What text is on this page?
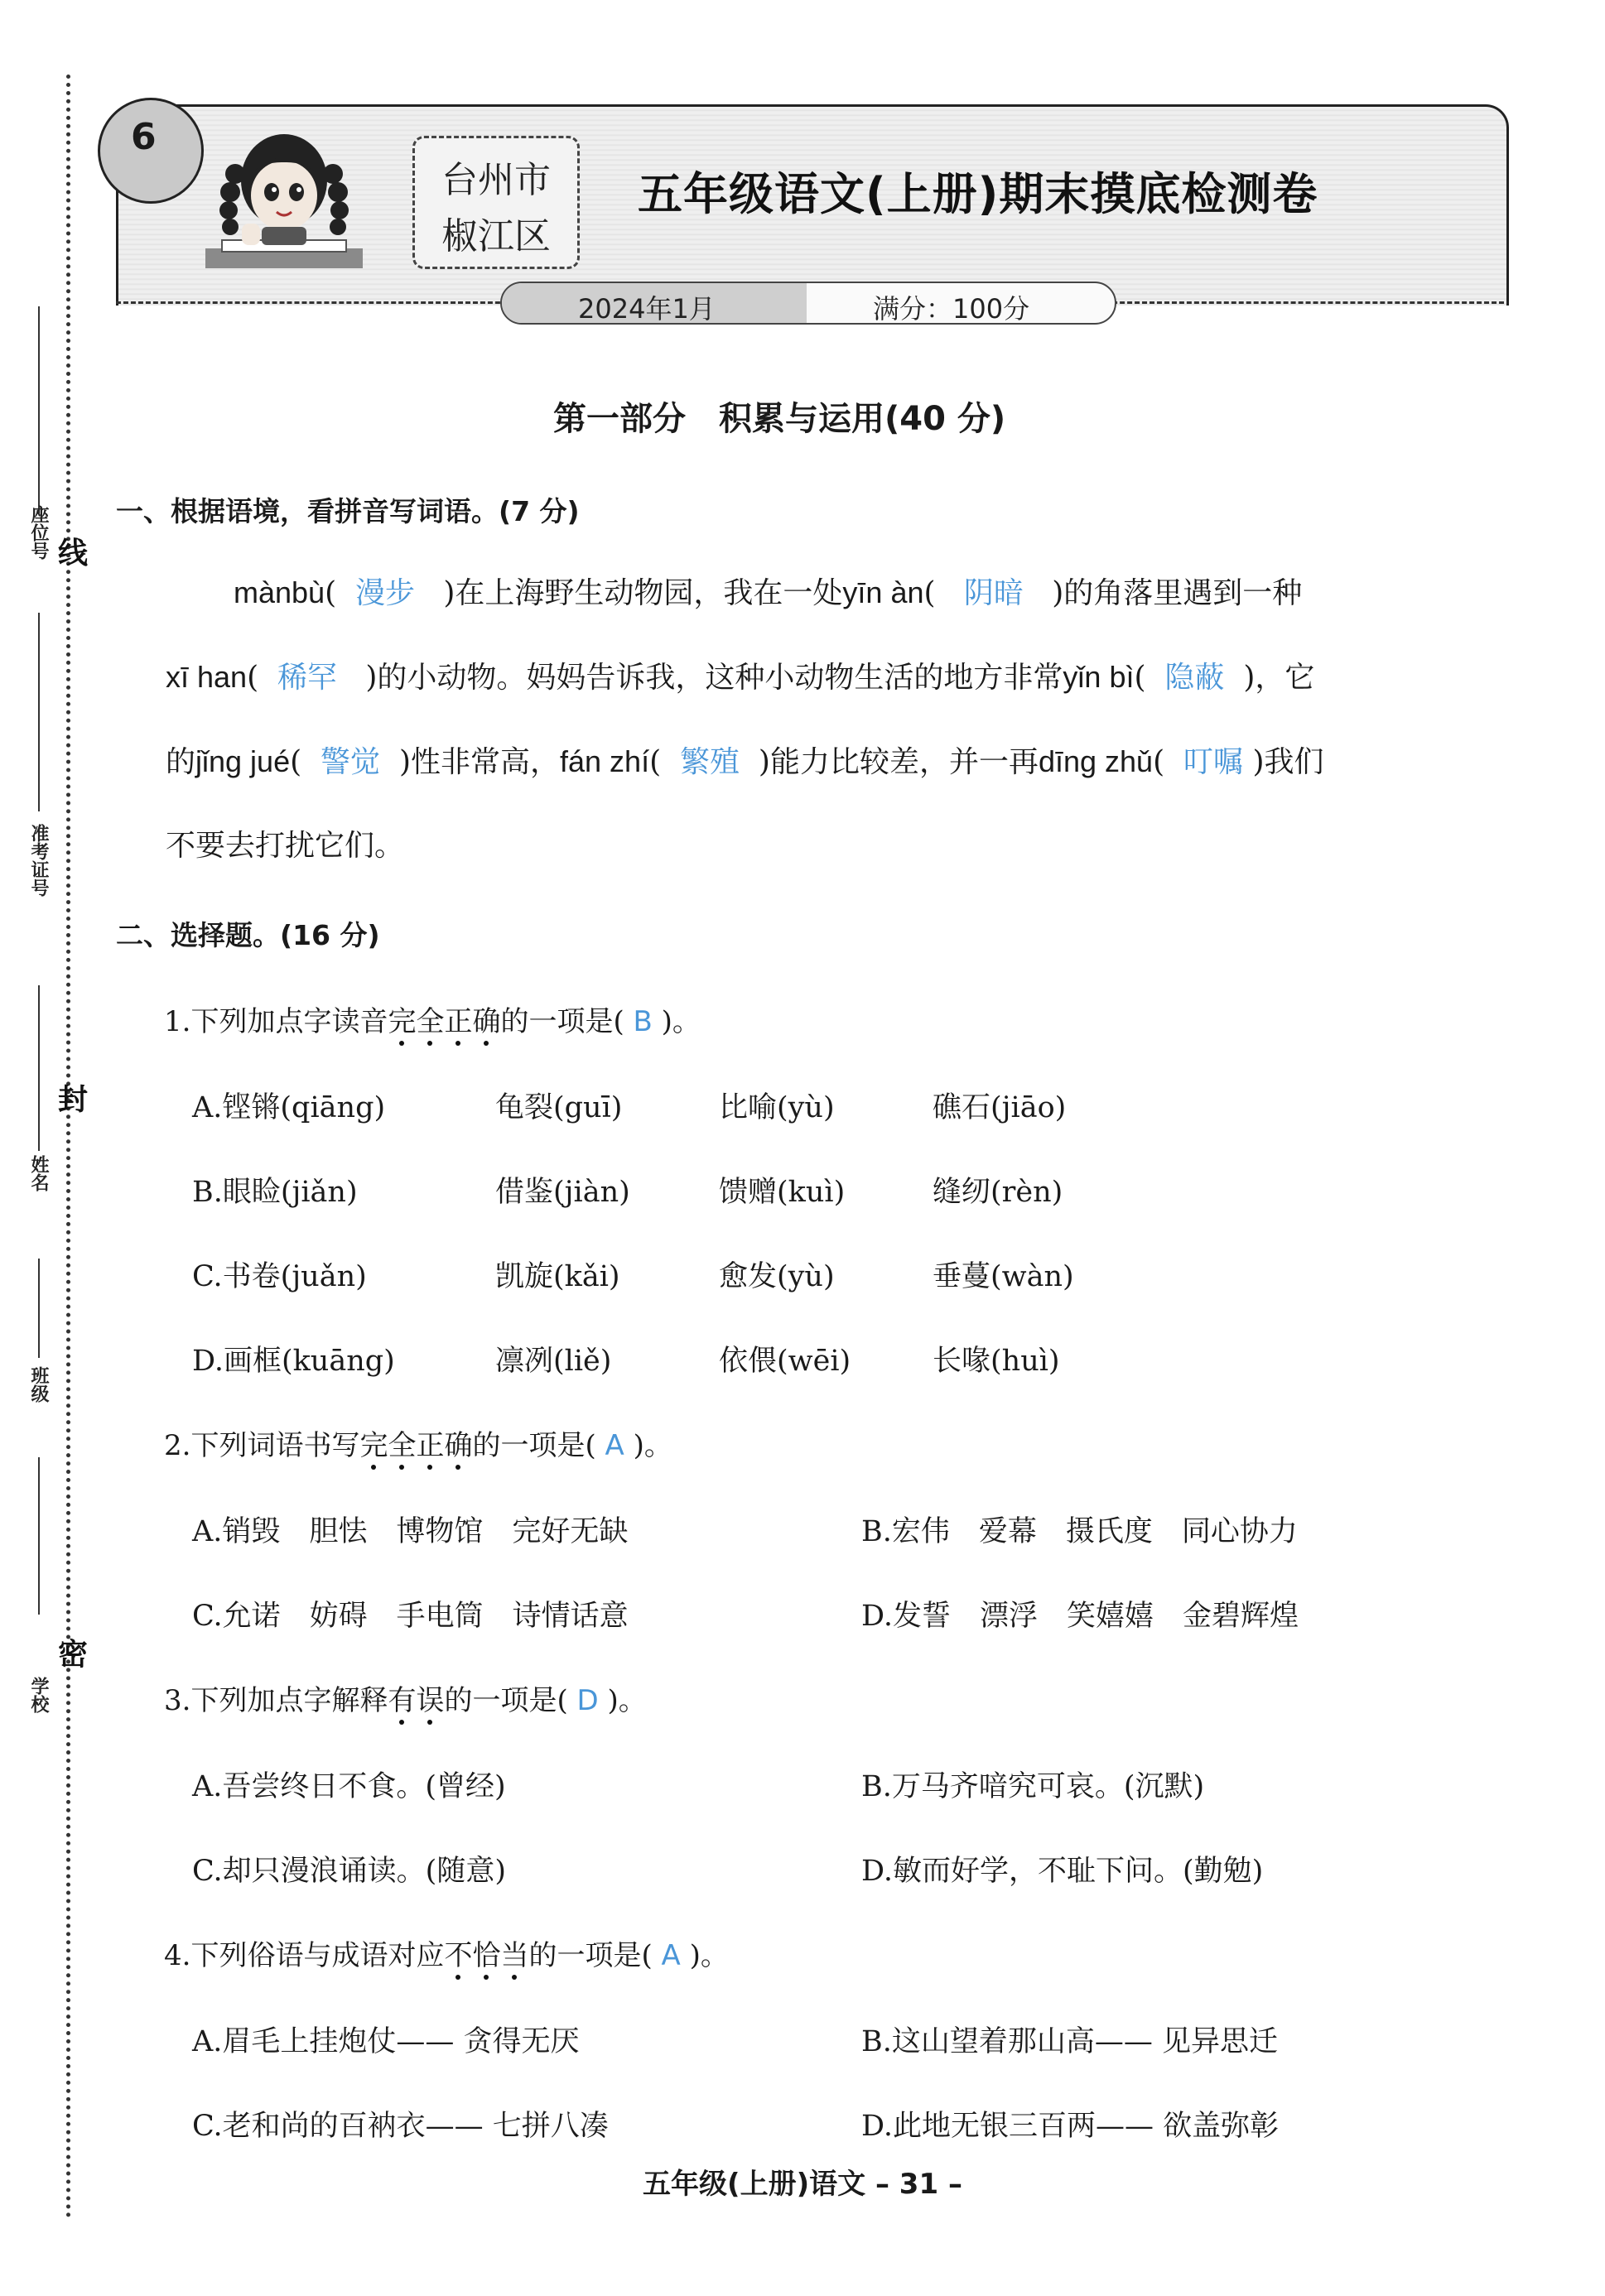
座位号 线
准考证号
封
姓名
班级
密
学校
6
台州市
椒江区
五年级语文(上册)期末摸底检测卷
2024年1月	满分：100分
第一部分　积累与运用(40 分)
一、根据语境，看拼音写词语。(7 分)
mànbù( 漫步 )在上海野生动物园，我在一处yīn àn( 阴暗 )的角落里遇到一种
xī han( 稀罕 )的小动物。妈妈告诉我，这种小动物生活的地方非常yǐn bì( 隐蔽 )，它
的jǐng jué( 警觉 )性非常高，fán zhí( 繁殖 )能力比较差，并一再dīng zhǔ( 叮嘱 )我们
不要去打扰它们。
二、选择题。(16 分)
1.下列加点字读音完全正确的一项是( B )。
A.铿锵(qiāng)	龟裂(guī)	比喻(yù)	礁石(jiāo)
B.眼睑(jiǎn)	借鉴(jiàn)	馈赠(kuì)	缝纫(rèn)
C.书卷(juǎn)	凯旋(kǎi)	愈发(yù)	垂蔓(wàn)
D.画框(kuāng)	凛冽(liě)	依偎(wēi)	长喙(huì)
2.下列词语书写完全正确的一项是( A )。
A.销毁　胆怯　博物馆　完好无缺	B.宏伟　爱幕　摄氏度　同心协力
C.允诺　妨碍　手电筒　诗情话意	D.发誓　漂浮　笑嬉嬉　金碧辉煌
3.下列加点字解释有误的一项是( D )。
A.吾尝终日不食。(曾经)	B.万马齐喑究可哀。(沉默)
C.却只漫浪诵读。(随意)	D.敏而好学，不耻下问。(勤勉)
4.下列俗语与成语对应不恰当的一项是( A )。
A.眉毛上挂炮仗—— 贪得无厌	B.这山望着那山高—— 见异思迁
C.老和尚的百衲衣—— 七拼八凑	D.此地无银三百两—— 欲盖弥彰
五年级(上册)语文 – 31 –
